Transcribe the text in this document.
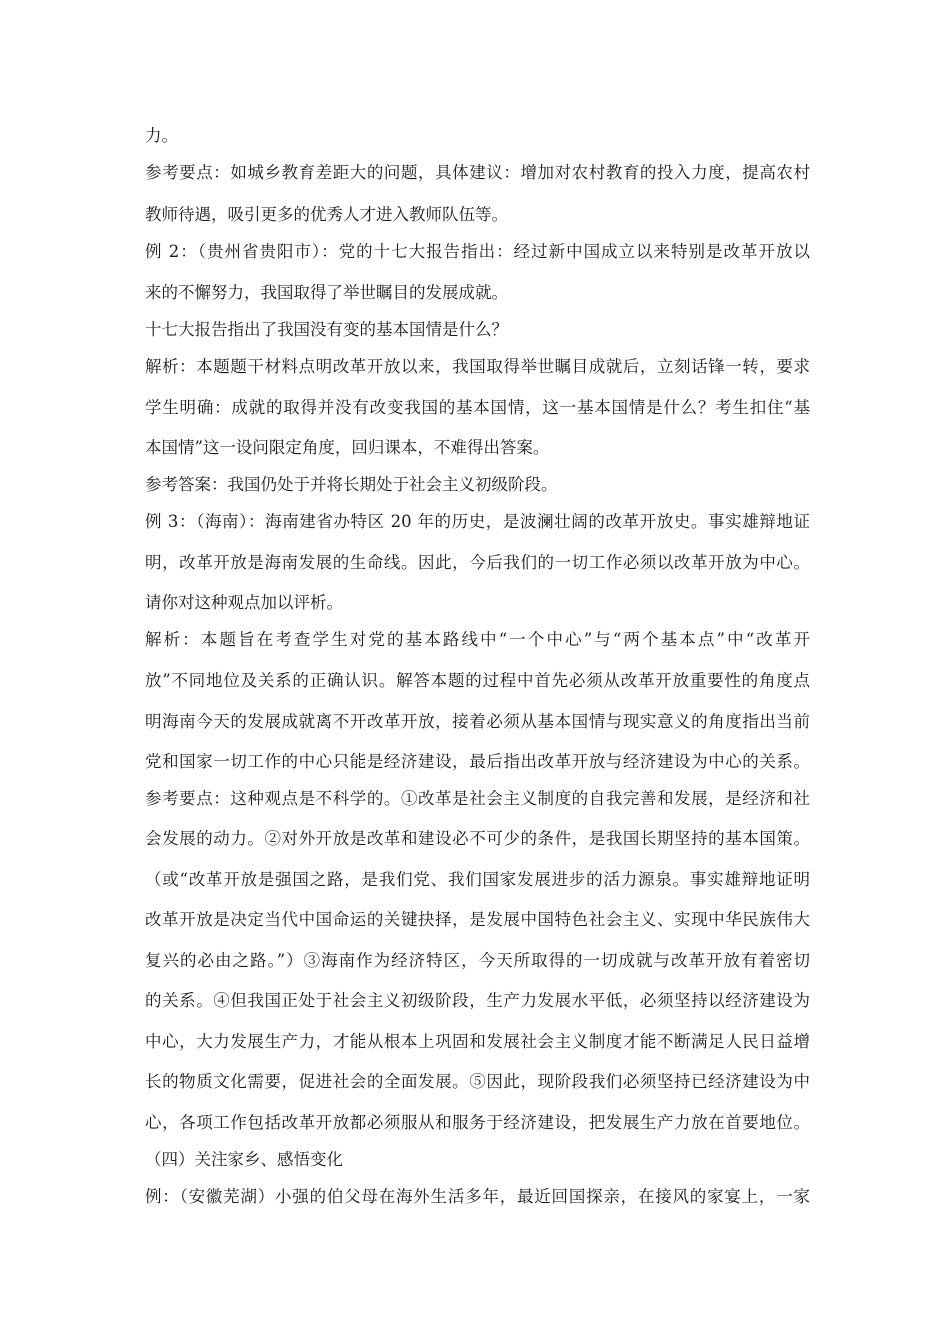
力。
参考要点：如城乡教育差距大的问题，具体建议：增加对农村教育的投入力度，提高农村
教师待遇，吸引更多的优秀人才进入教师队伍等。
例 2：（贵州省贵阳市）：党的十七大报告指出：经过新中国成立以来特别是改革开放以
来的不懈努力，我国取得了举世瞩目的发展成就。
十七大报告指出了我国没有变的基本国情是什么？
解析：本题题干材料点明改革开放以来，我国取得举世瞩目成就后，立刻话锋一转，要求
学生明确：成就的取得并没有改变我国的基本国情，这一基本国情是什么？考生扣住“基
本国情”这一设问限定角度，回归课本，不难得出答案。
参考答案：我国仍处于并将长期处于社会主义初级阶段。
例 3：（海南）：海南建省办特区 20 年的历史，是波澜壮阔的改革开放史。事实雄辩地证
明，改革开放是海南发展的生命线。因此，今后我们的一切工作必须以改革开放为中心。
请你对这种观点加以评析。
解析：本题旨在考查学生对党的基本路线中“一个中心”与“两个基本点”中“改革开
放”不同地位及关系的正确认识。解答本题的过程中首先必须从改革开放重要性的角度点
明海南今天的发展成就离不开改革开放，接着必须从基本国情与现实意义的角度指出当前
党和国家一切工作的中心只能是经济建设，最后指出改革开放与经济建设为中心的关系。
参考要点：这种观点是不科学的。①改革是社会主义制度的自我完善和发展，是经济和社
会发展的动力。②对外开放是改革和建设必不可少的条件，是我国长期坚持的基本国策。
（或“改革开放是强国之路，是我们党、我们国家发展进步的活力源泉。事实雄辩地证明
改革开放是决定当代中国命运的关键抉择，是发展中国特色社会主义、实现中华民族伟大
复兴的必由之路。”）③海南作为经济特区，今天所取得的一切成就与改革开放有着密切
的关系。④但我国正处于社会主义初级阶段，生产力发展水平低，必须坚持以经济建设为
中心，大力发展生产力，才能从根本上巩固和发展社会主义制度才能不断满足人民日益增
长的物质文化需要，促进社会的全面发展。⑤因此，现阶段我们必须坚持已经济建设为中
心，各项工作包括改革开放都必须服从和服务于经济建设，把发展生产力放在首要地位。
（四）关注家乡、感悟变化
例：（安徽芜湖）小强的伯父母在海外生活多年，最近回国探亲，在接风的家宴上，一家
